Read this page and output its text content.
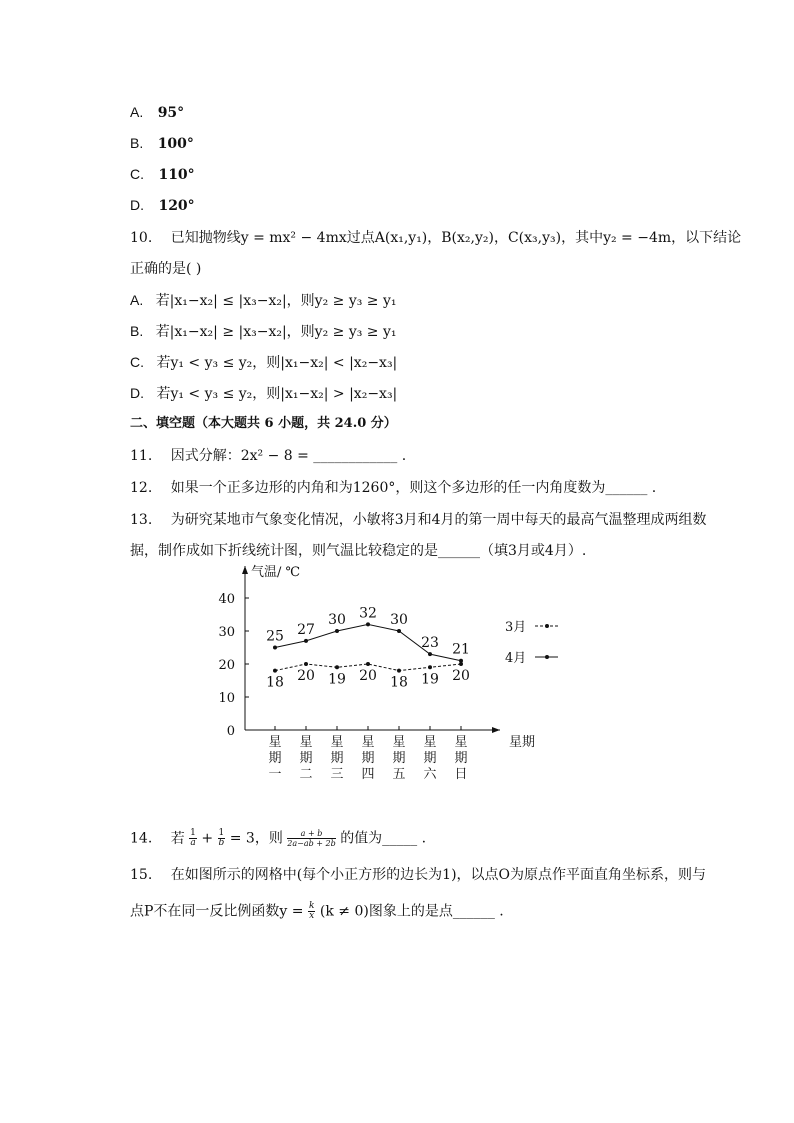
A. 95°
B. 100°
C. 110°
D. 120°
10. 已知抛物线y = mx² − 4mx过点A(x₁,y₁)，B(x₂,y₂)，C(x₃,y₃)，其中y₂ = −4m，以下结论
正确的是( )
A. 若|x₁−x₂| ≤ |x₃−x₂|，则y₂ ≥ y₃ ≥ y₁
B. 若|x₁−x₂| ≥ |x₃−x₂|，则y₂ ≥ y₃ ≥ y₁
C. 若y₁ < y₃ ≤ y₂，则|x₁−x₂| < |x₂−x₃|
D. 若y₁ < y₃ ≤ y₂，则|x₁−x₂| > |x₂−x₃|
二、填空题（本大题共 6 小题，共 24.0 分）
11. 因式分解：2x² − 8 = ____________ .
12. 如果一个正多边形的内角和为1260°，则这个多边形的任一内角度数为______ .
13. 为研究某地市气象变化情况，小敏将3月和4月的第一周中每天的最高气温整理成两组数
据，制作成如下折线统计图，则气温比较稳定的是______（填3月或4月）.
气温/ ℃
星期
0
10
20
30
40
星
期
一
星
期
二
星
期
三
星
期
四
星
期
五
星
期
六
星
期
日
18 20 19 20 18 19 20
3月
25 27
30 32 30
23 21
4月
14. 若 $\frac{1}{a} + \frac{1}{b} = 3$，则 $\frac{a + b}{2a-ab + 2b}$ 的值为_____ .
15. 在如图所示的网格中(每个小正方形的边长为1)，以点O为原点作平面直角坐标系，则与
点P不在同一反比例函数$y = \frac{k}{x} (k \ne 0)$图象上的是点______ .
